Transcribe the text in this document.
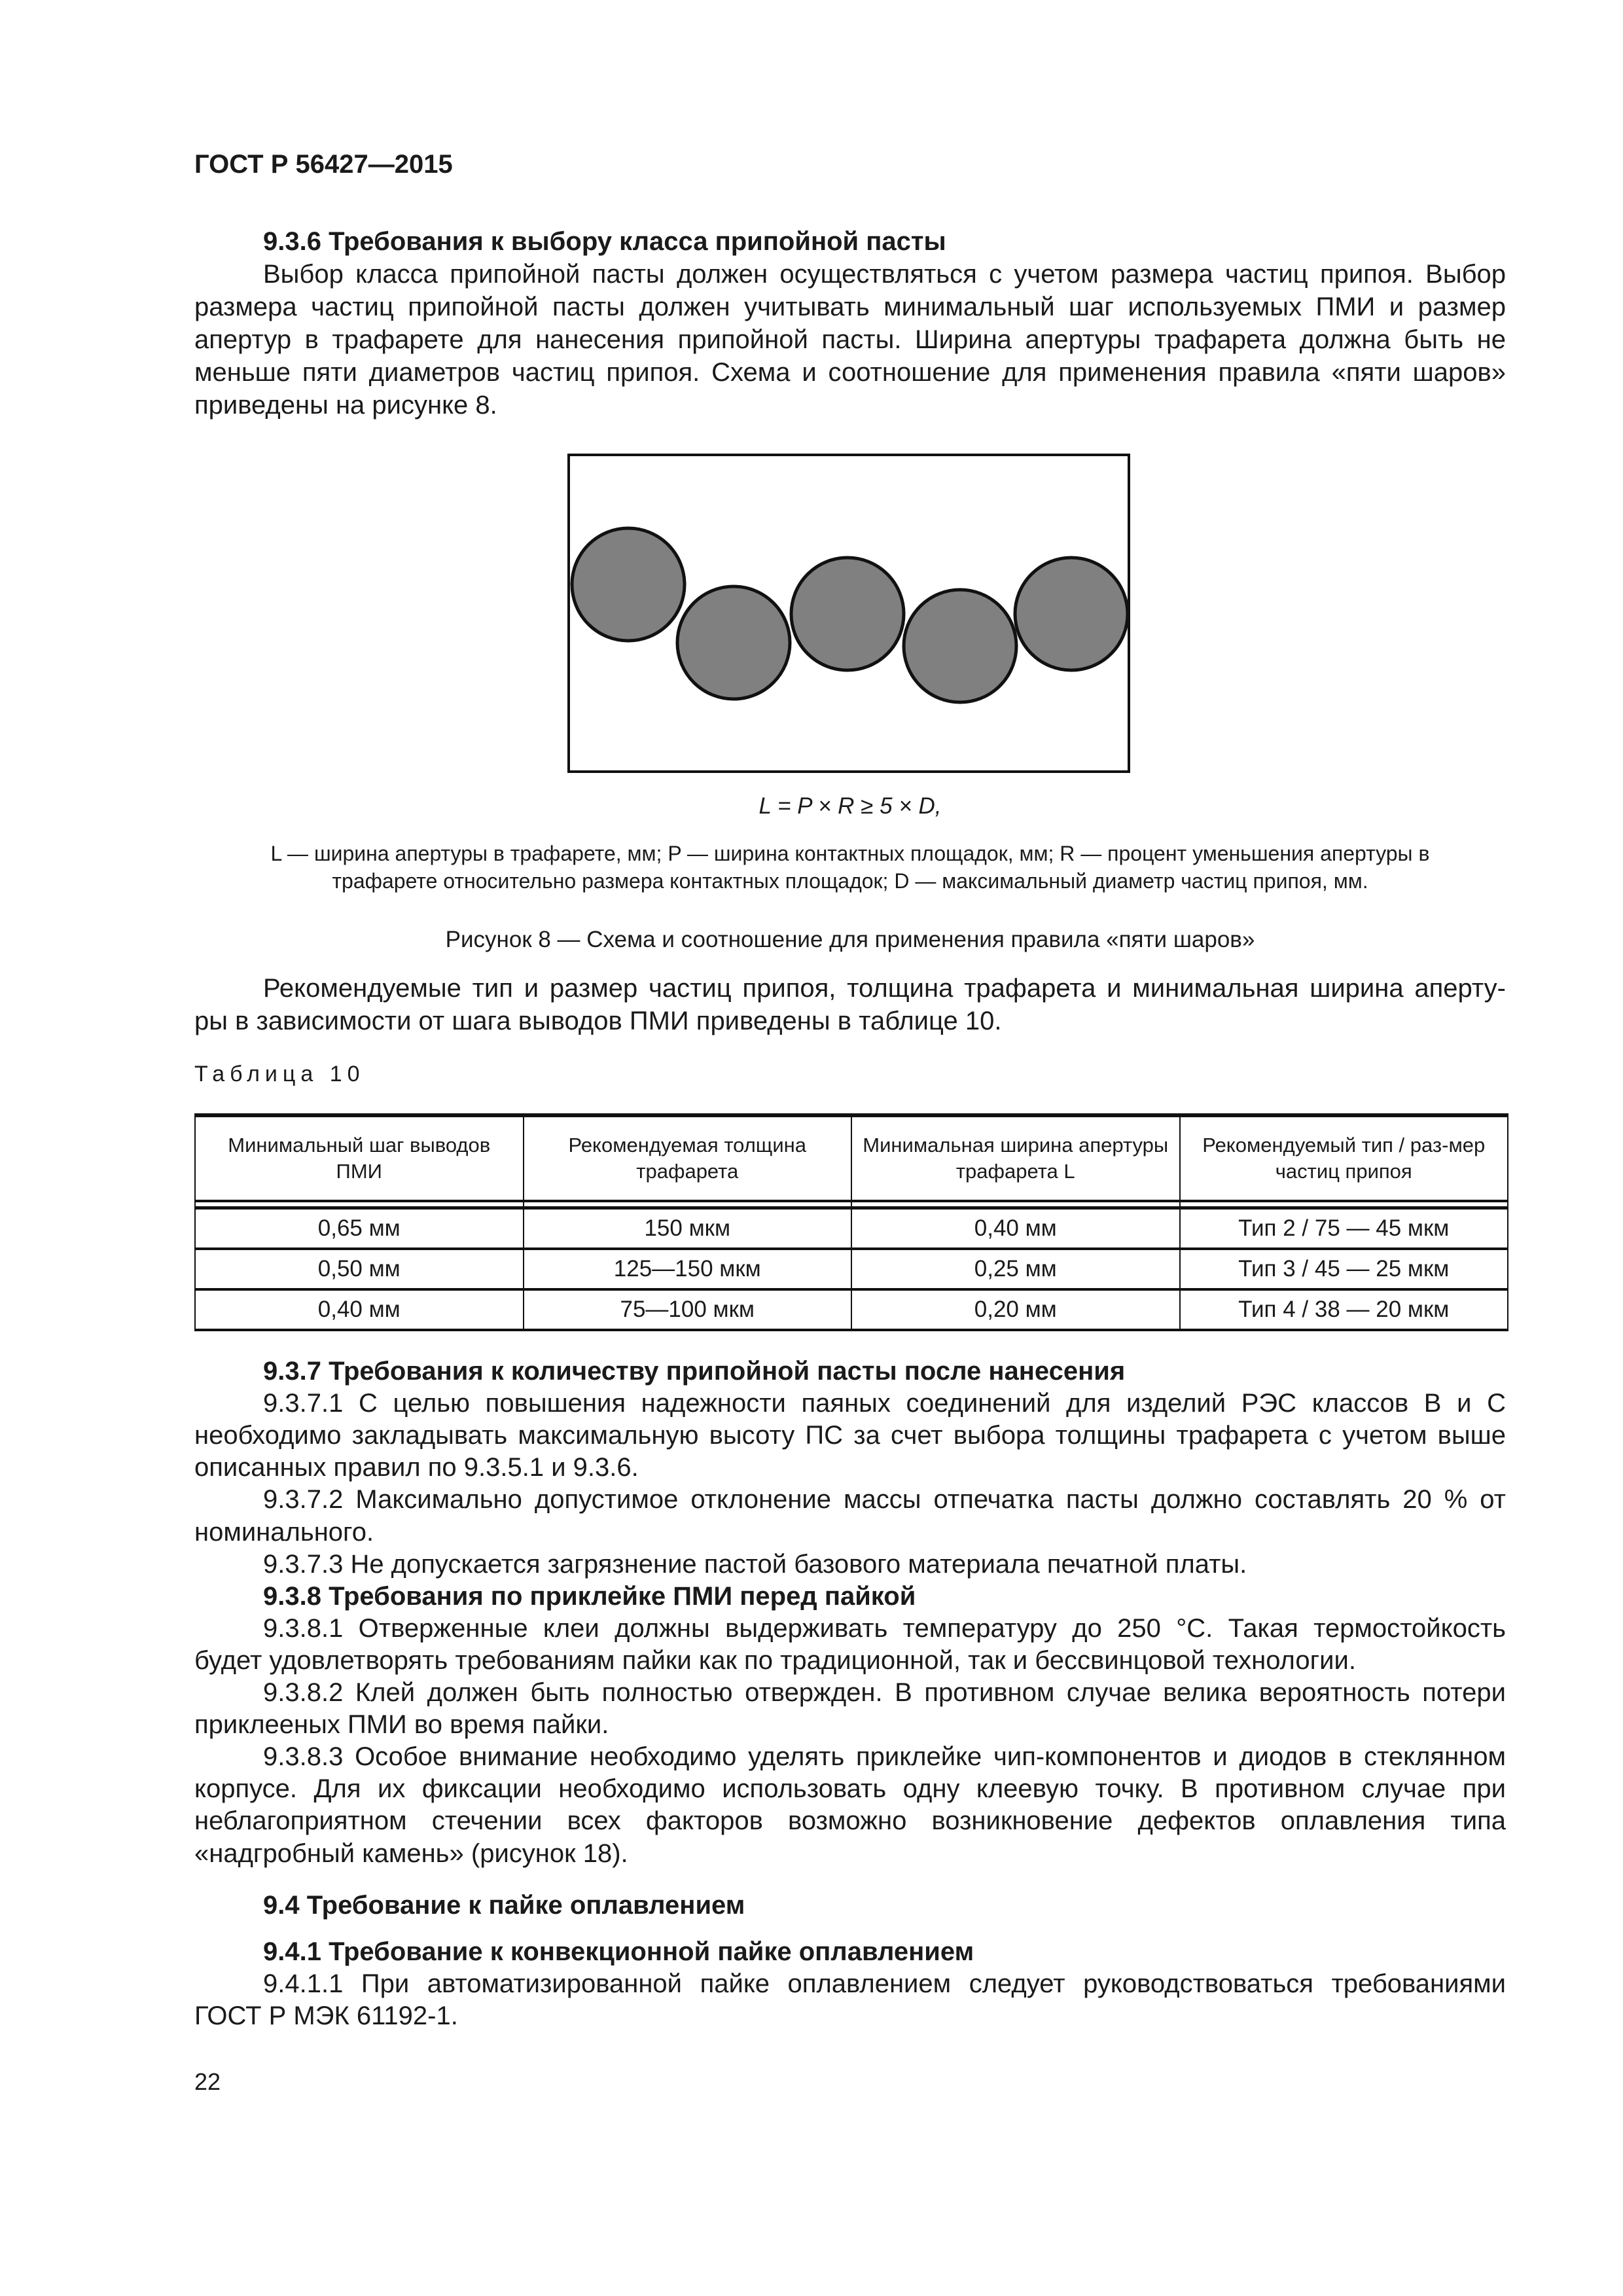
ГОСТ Р 56427—2015
L = P × R ≥ 5 × D,
L — ширина апертуры в трафарете, мм; P — ширина контактных площадок, мм; R — процент уменьшения апертуры в
трафарете относительно размера контактных площадок; D — максимальный диаметр частиц припоя, мм.
Рисунок 8 — Схема и соотношение для применения правила «пяти шаров»
Таблица 10
Минимальный шаг выводов ПМИ	Рекомендуемая толщина трафарета	Минимальная ширина апертуры трафарета L	Рекомендуемый тип / раз-мер частиц припоя

0,65 мм	150 мкм	0,40 мм	Тип 2 / 75 — 45 мкм
0,50 мм	125—150 мкм	0,25 мм	Тип 3 / 45 — 25 мкм
0,40 мм	75—100 мкм	0,20 мм	Тип 4 / 38 — 20 мкм
22
9.3.6 Требования к выбору класса припойной пасты
Выбор класса припойной пасты должен осуществляться с учетом размера частиц припоя. Выбор
размера частиц припойной пасты должен учитывать минимальный шаг используемых ПМИ и размер
апертур в трафарете для нанесения припойной пасты. Ширина апертуры трафарета должна быть не
меньше пяти диаметров частиц припоя. Схема и соотношение для применения правила «пяти шаров»
приведены на рисунке 8.
Рекомендуемые тип и размер частиц припоя, толщина трафарета и минимальная ширина аперту-
ры в зависимости от шага выводов ПМИ приведены в таблице 10.
9.3.7 Требования к количеству припойной пасты после нанесения
9.3.7.1 С целью повышения надежности паяных соединений для изделий РЭС классов В и С
необходимо закладывать максимальную высоту ПС за счет выбора толщины трафарета с учетом выше
описанных правил по 9.3.5.1 и 9.3.6.
9.3.7.2 Максимально допустимое отклонение массы отпечатка пасты должно составлять 20 % от
номинального.
9.3.7.3 Не допускается загрязнение пастой базового материала печатной платы.
9.3.8 Требования по приклейке ПМИ перед пайкой
9.3.8.1 Отверженные клеи должны выдерживать температуру до 250 °С. Такая термостойкость
будет удовлетворять требованиям пайки как по традиционной, так и бессвинцовой технологии.
9.3.8.2 Клей должен быть полностью отвержден. В противном случае велика вероятность потери
приклееных ПМИ во время пайки.
9.3.8.3 Особое внимание необходимо уделять приклейке чип-компонентов и диодов в стеклянном
корпусе. Для их фиксации необходимо использовать одну клеевую точку. В противном случае при
неблагоприятном стечении всех факторов возможно возникновение дефектов оплавления типа
«надгробный камень» (рисунок 18).
9.4 Требование к пайке оплавлением
9.4.1 Требование к конвекционной пайке оплавлением
9.4.1.1 При автоматизированной пайке оплавлением следует руководствоваться требованиями
ГОСТ Р МЭК 61192-1.
